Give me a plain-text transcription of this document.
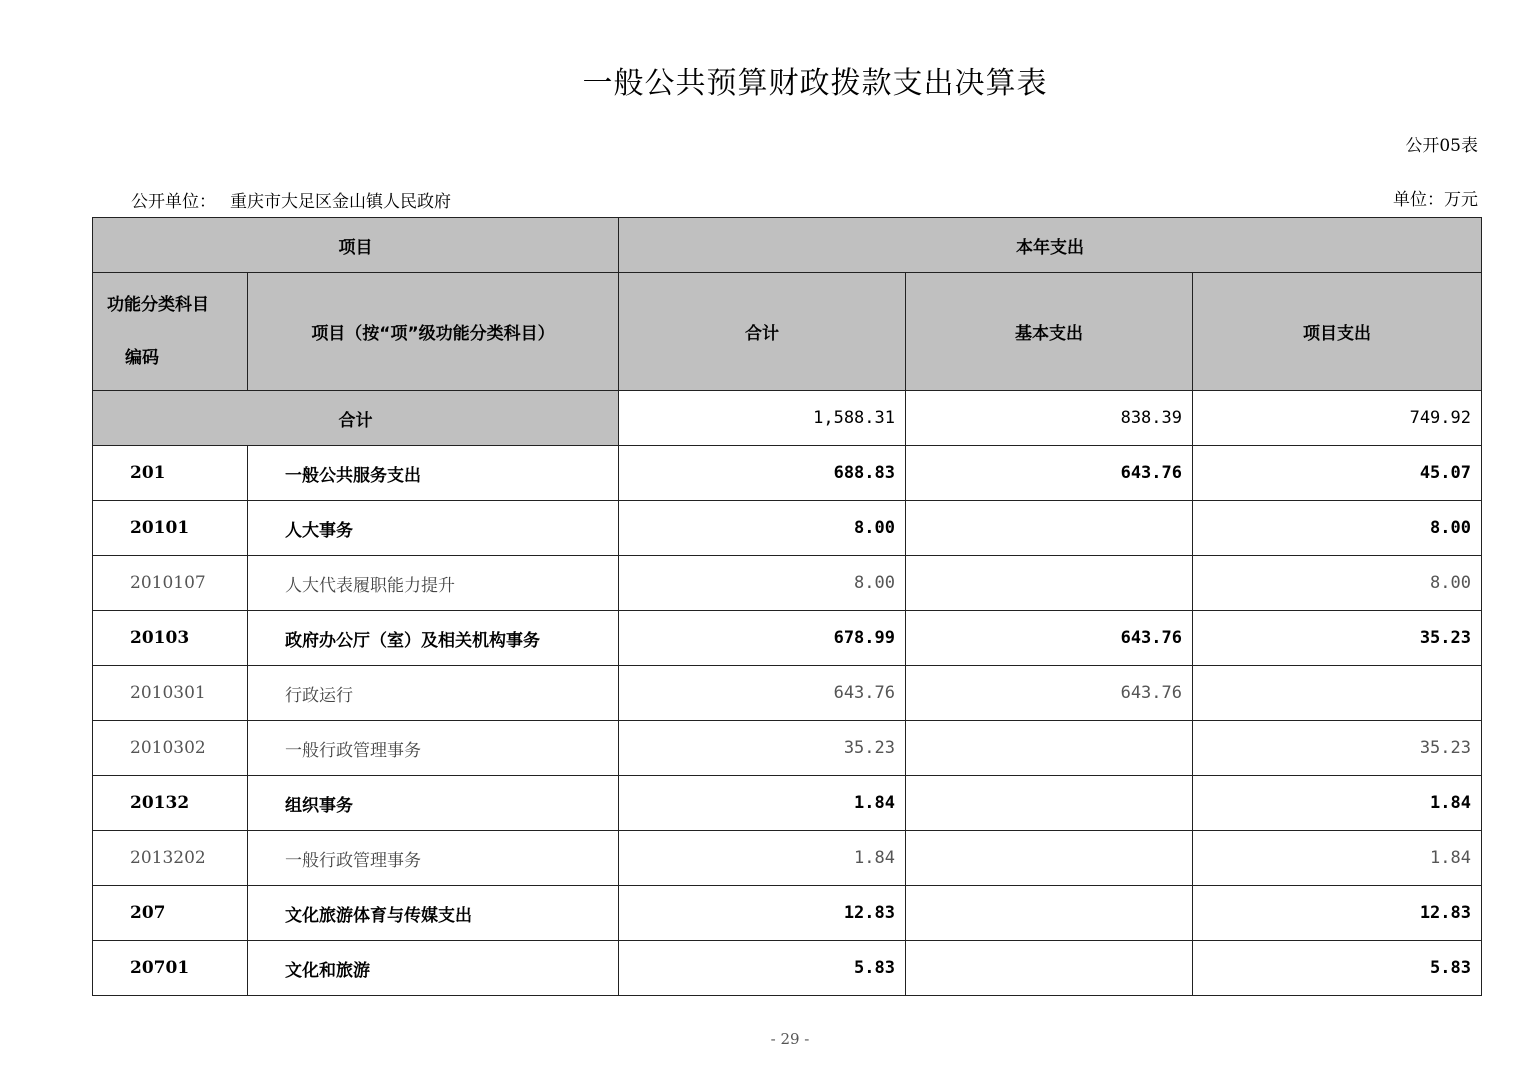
一般公共预算财政拨款支出决算表
公开05表
公开单位： 重庆市大足区金山镇人民政府	单位：万元
项目		本年支出		

功能分类科目
编码	项目（按“项”级功能分类科目）	合计	基本支出	项目支出
合计		1,588.31	838.39	749.92
201	一般公共服务支出	688.83	643.76	45.07
20101	人大事务	8.00		8.00
2010107	人大代表履职能力提升	8.00		8.00
20103	政府办公厅（室）及相关机构事务	678.99	643.76	35.23
2010301	行政运行	643.76	643.76	
2010302	一般行政管理事务	35.23		35.23
20132	组织事务	1.84		1.84
2013202	一般行政管理事务	1.84		1.84
207	文化旅游体育与传媒支出	12.83		12.83
20701	文化和旅游	5.83		5.83
- 29 -
